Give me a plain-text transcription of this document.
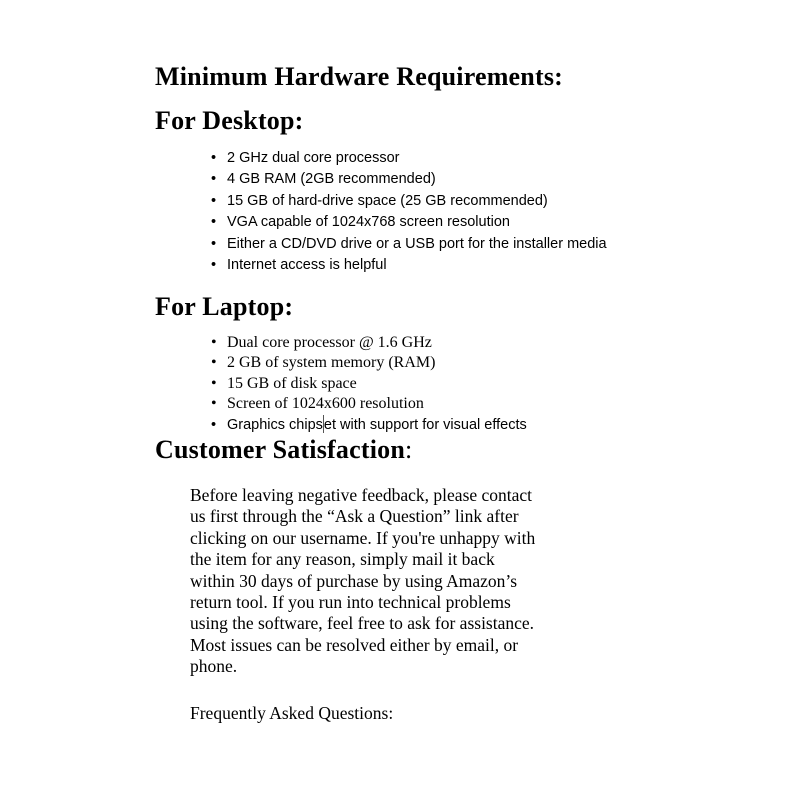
Minimum Hardware Requirements:
For Desktop:
• 2 GHz dual core processor
• 4 GB RAM (2GB recommended)
• 15 GB of hard-drive space (25 GB recommended)
• VGA capable of 1024x768 screen resolution
• Either a CD/DVD drive or a USB port for the installer media
• Internet access is helpful
For Laptop:
• Dual core processor @ 1.6 GHz
• 2 GB of system memory (RAM)
• 15 GB of disk space
• Screen of 1024x600 resolution
• Graphics chipset with support for visual effects
Customer Satisfaction:
Before leaving negative feedback, please contact
us first through the “Ask a Question” link after
clicking on our username. If you're unhappy with
the item for any reason, simply mail it back
within 30 days of purchase by using Amazon’s
return tool. If you run into technical problems
using the software, feel free to ask for assistance.
Most issues can be resolved either by email, or
phone.
Frequently Asked Questions:
